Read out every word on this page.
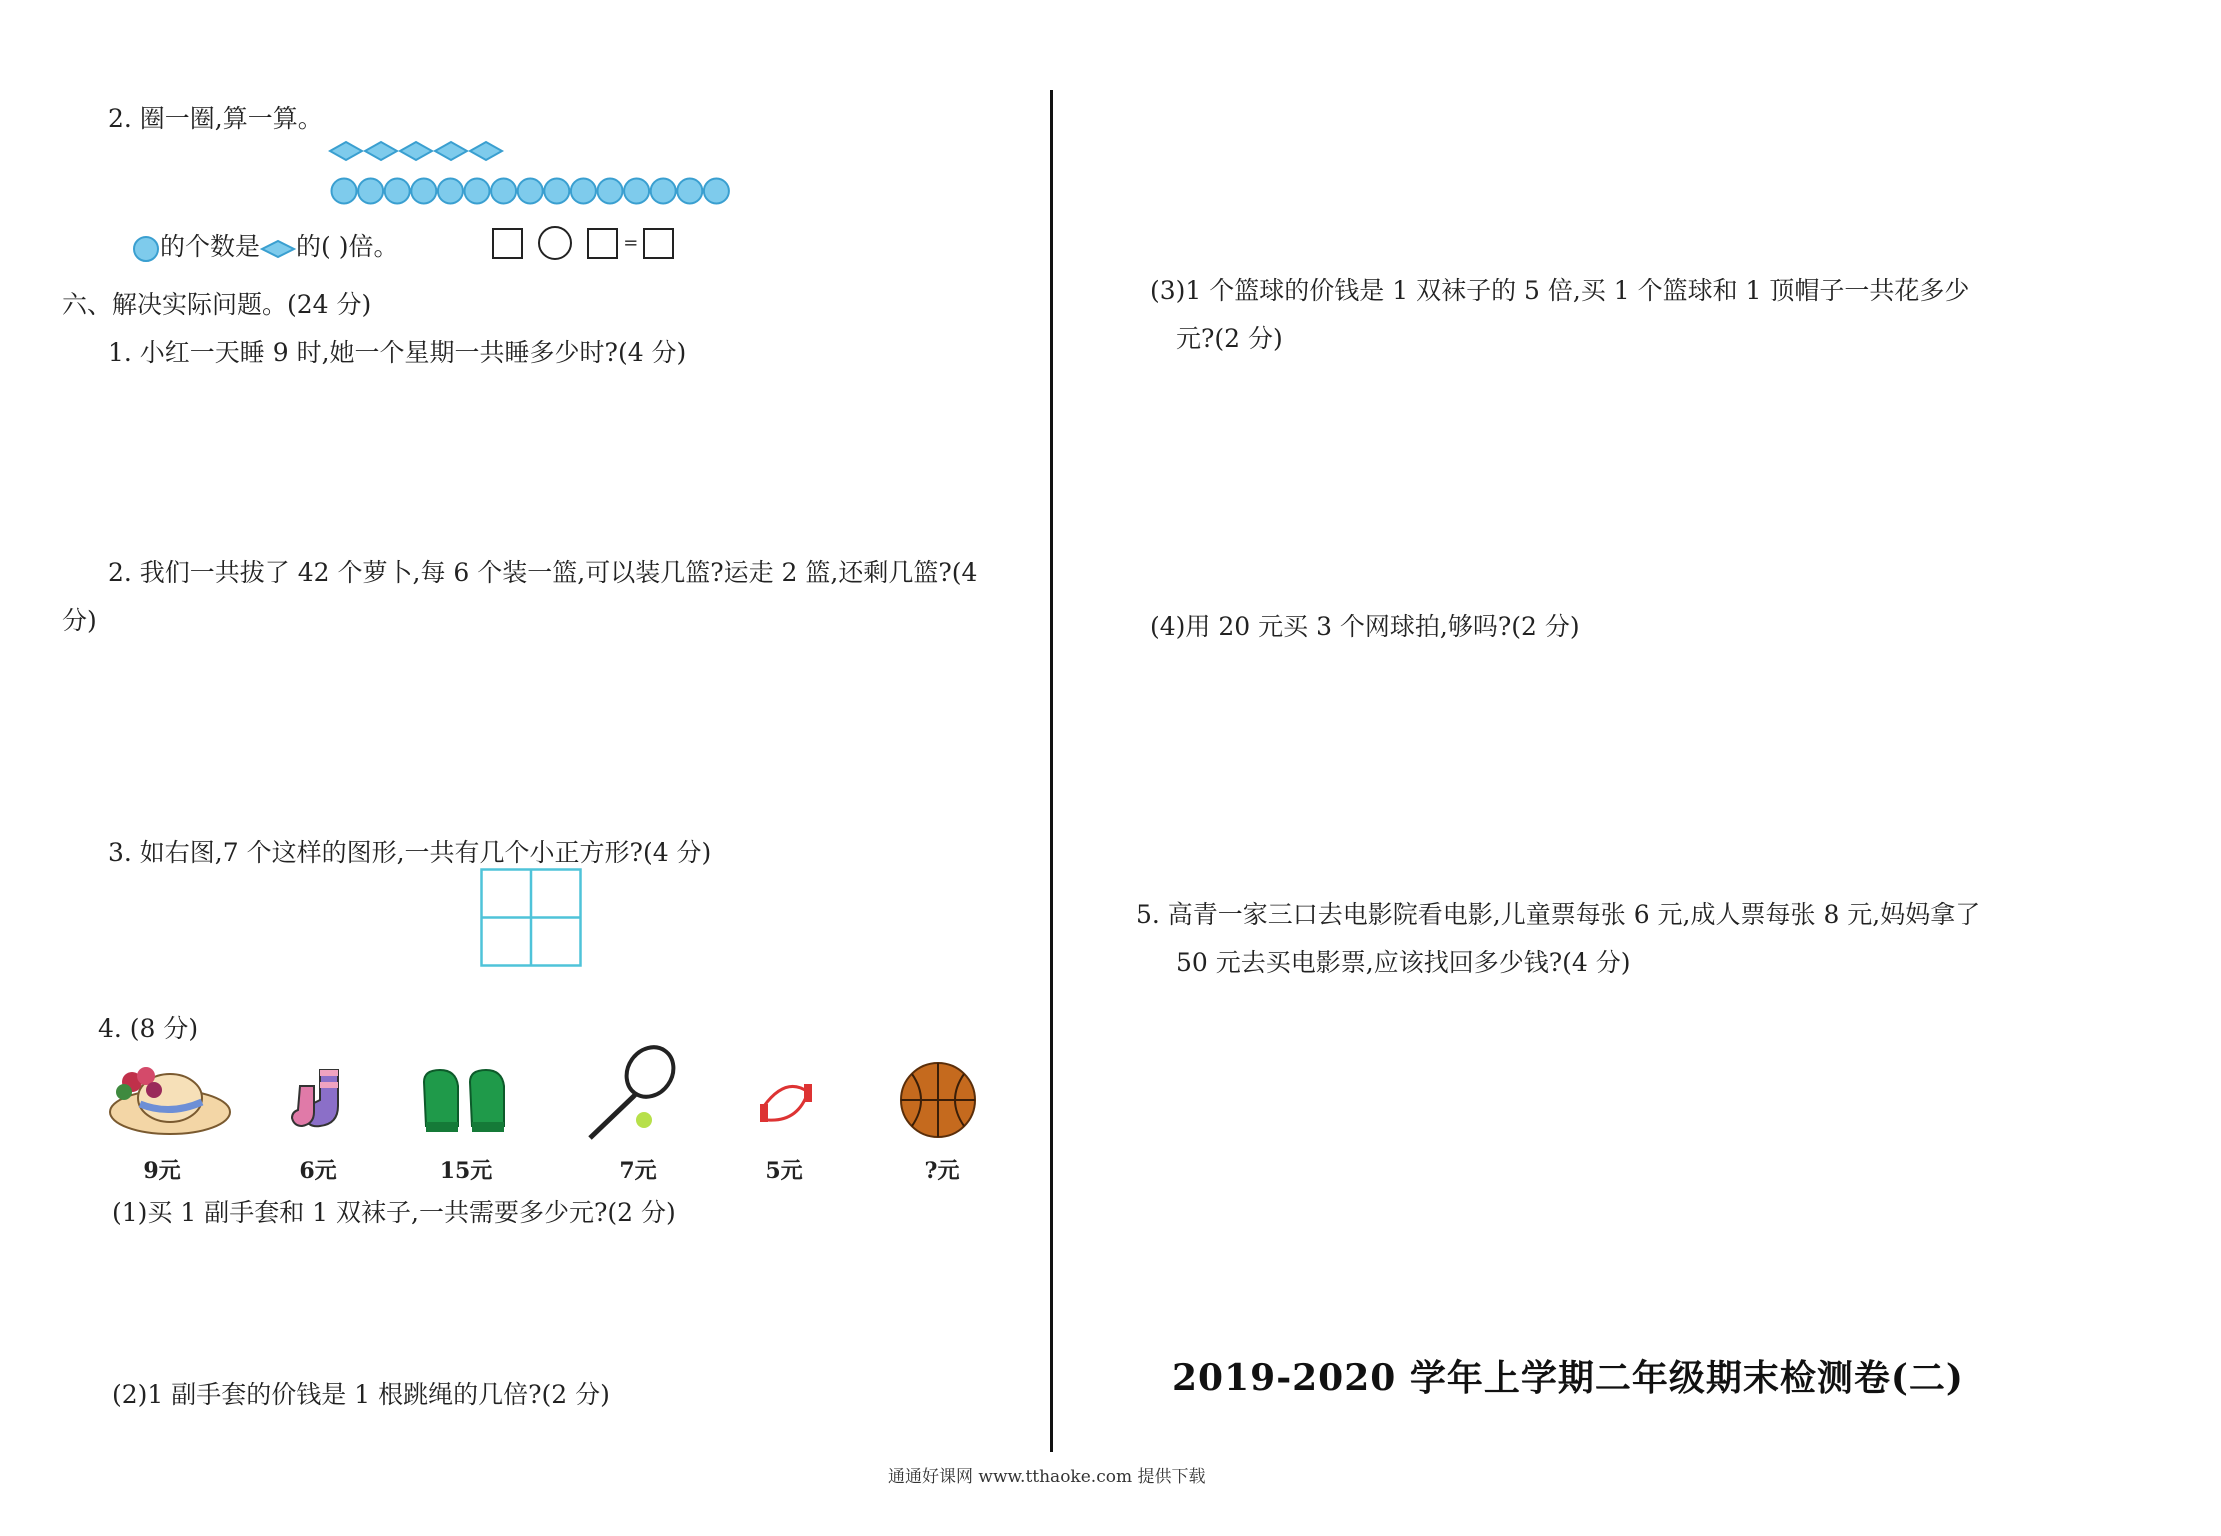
2. 圈一圈,算一算。
的个数是 的( )倍。	=
六、解决实际问题。(24 分)
1. 小红一天睡 9 时,她一个星期一共睡多少时?(4 分)
2. 我们一共拔了 42 个萝卜,每 6 个装一篮,可以装几篮?运走 2 篮,还剩几篮?(4
分)
3. 如右图,7 个这样的图形,一共有几个小正方形?(4 分)
4. (8 分)
9元	6元	15元	7元	5元	?元
(1)买 1 副手套和 1 双袜子,一共需要多少元?(2 分)
(2)1 副手套的价钱是 1 根跳绳的几倍?(2 分)
(3)1 个篮球的价钱是 1 双袜子的 5 倍,买 1 个篮球和 1 顶帽子一共花多少
元?(2 分)
(4)用 20 元买 3 个网球拍,够吗?(2 分)
5. 高青一家三口去电影院看电影,儿童票每张 6 元,成人票每张 8 元,妈妈拿了
50 元去买电影票,应该找回多少钱?(4 分)
2019-2020 学年上学期二年级期末检测卷(二)
通通好课网 www.tthaoke.com 提供下载
